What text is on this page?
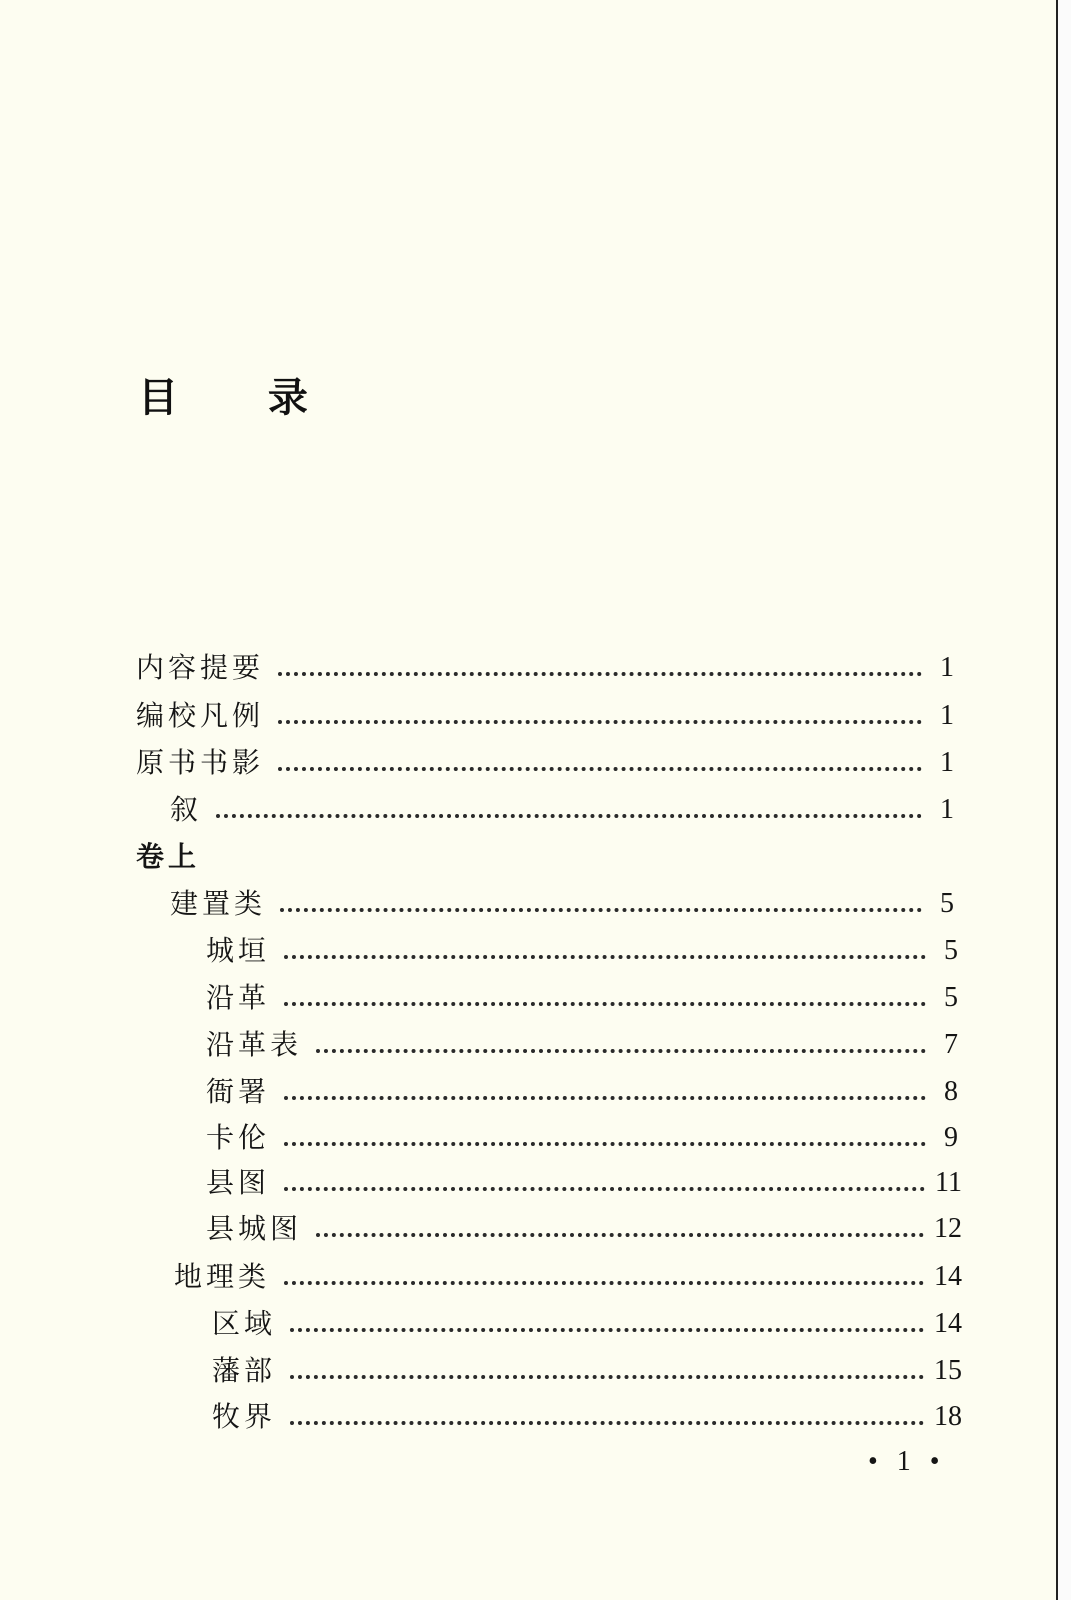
目 录
内容提要	1
编校凡例	1
原书书影	1
叙	1
卷上
建置类	5
城垣	5
沿革	5
沿革表	7
衙署	8
卡伦	9
县图	11
县城图	12
地理类	14
区域	14
藩部	15
牧界	18
• 1 •
